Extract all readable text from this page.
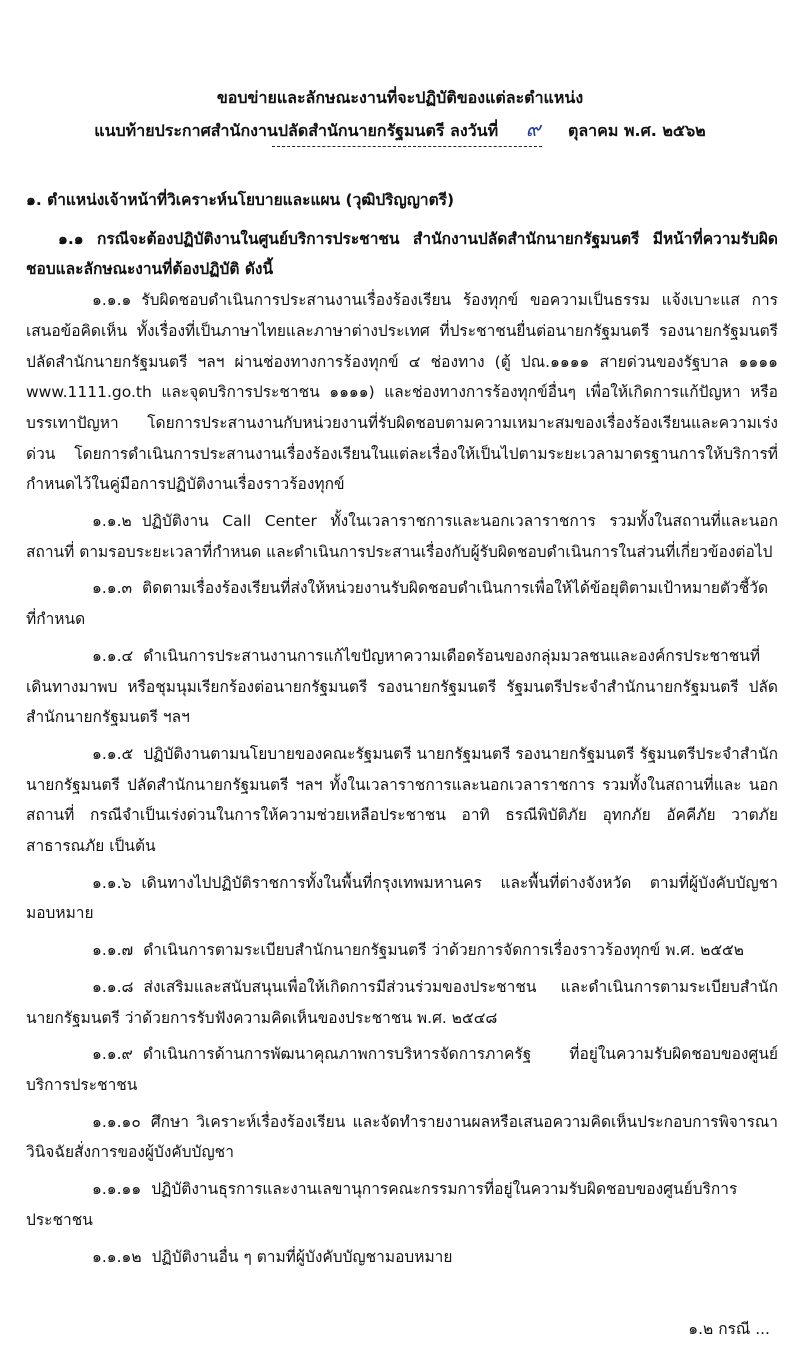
ขอบข่ายและลักษณะงานที่จะปฏิบัติของแต่ละตำแหน่ง
แนบท้ายประกาศสำนักงานปลัดสำนักนายกรัฐมนตรี ลงวันที่ ๙ ตุลาคม พ.ศ. ๒๕๖๒
๑. ตำแหน่งเจ้าหน้าที่วิเคราะห์นโยบายและแผน (วุฒิปริญญาตรี)
๑.๑ กรณีจะต้องปฏิบัติงานในศูนย์บริการประชาชน สำนักงานปลัดสำนักนายกรัฐมนตรี มีหน้าที่ความรับผิดชอบและลักษณะงานที่ต้องปฏิบัติ ดังนี้
๑.๑.๑ รับผิดชอบดำเนินการประสานงานเรื่องร้องเรียน ร้องทุกข์ ขอความเป็นธรรม แจ้งเบาะแส การเสนอข้อคิดเห็น ทั้งเรื่องที่เป็นภาษาไทยและภาษาต่างประเทศ ที่ประชาชนยื่นต่อนายกรัฐมนตรี รองนายกรัฐมนตรี ปลัดสำนักนายกรัฐมนตรี ฯลฯ ผ่านช่องทางการร้องทุกข์ ๔ ช่องทาง (ตู้ ปณ.๑๑๑๑ สายด่วนของรัฐบาล ๑๑๑๑ www.1111.go.th และจุดบริการประชาชน ๑๑๑๑) และช่องทางการร้องทุกข์อื่นๆ เพื่อให้เกิดการแก้ปัญหา หรือบรรเทาปัญหา โดยการประสานงานกับหน่วยงานที่รับผิดชอบตามความเหมาะสมของเรื่องร้องเรียนและความเร่งด่วน โดยการดำเนินการประสานงานเรื่องร้องเรียนในแต่ละเรื่องให้เป็นไปตามระยะเวลามาตรฐานการให้บริการที่กำหนดไว้ในคู่มือการปฏิบัติงานเรื่องราวร้องทุกข์
๑.๑.๒ ปฏิบัติงาน Call Center ทั้งในเวลาราชการและนอกเวลาราชการ รวมทั้งในสถานที่และนอกสถานที่ ตามรอบระยะเวลาที่กำหนด และดำเนินการประสานเรื่องกับผู้รับผิดชอบดำเนินการในส่วนที่เกี่ยวข้องต่อไป
๑.๑.๓ ติดตามเรื่องร้องเรียนที่ส่งให้หน่วยงานรับผิดชอบดำเนินการเพื่อให้ได้ข้อยุติตามเป้าหมายตัวชี้วัดที่กำหนด
๑.๑.๔ ดำเนินการประสานงานการแก้ไขปัญหาความเดือดร้อนของกลุ่มมวลชนและองค์กรประชาชนที่เดินทางมาพบ หรือชุมนุมเรียกร้องต่อนายกรัฐมนตรี รองนายกรัฐมนตรี รัฐมนตรีประจำสำนักนายกรัฐมนตรี ปลัดสำนักนายกรัฐมนตรี ฯลฯ
๑.๑.๕ ปฏิบัติงานตามนโยบายของคณะรัฐมนตรี นายกรัฐมนตรี รองนายกรัฐมนตรี รัฐมนตรีประจำสำนักนายกรัฐมนตรี ปลัดสำนักนายกรัฐมนตรี ฯลฯ ทั้งในเวลาราชการและนอกเวลาราชการ รวมทั้งในสถานที่และ นอกสถานที่ กรณีจำเป็นเร่งด่วนในการให้ความช่วยเหลือประชาชน อาทิ ธรณีพิบัติภัย อุทกภัย อัคคีภัย วาตภัย สาธารณภัย เป็นต้น
๑.๑.๖ เดินทางไปปฏิบัติราชการทั้งในพื้นที่กรุงเทพมหานคร และพื้นที่ต่างจังหวัด ตามที่ผู้บังคับบัญชามอบหมาย
๑.๑.๗ ดำเนินการตามระเบียบสำนักนายกรัฐมนตรี ว่าด้วยการจัดการเรื่องราวร้องทุกข์ พ.ศ. ๒๕๕๒
๑.๑.๘ ส่งเสริมและสนับสนุนเพื่อให้เกิดการมีส่วนร่วมของประชาชน และดำเนินการตามระเบียบสำนักนายกรัฐมนตรี ว่าด้วยการรับฟังความคิดเห็นของประชาชน พ.ศ. ๒๕๔๘
๑.๑.๙ ดำเนินการด้านการพัฒนาคุณภาพการบริหารจัดการภาครัฐ ที่อยู่ในความรับผิดชอบของศูนย์บริการประชาชน
๑.๑.๑๐ ศึกษา วิเคราะห์เรื่องร้องเรียน และจัดทำรายงานผลหรือเสนอความคิดเห็นประกอบการพิจารณาวินิจฉัยสั่งการของผู้บังคับบัญชา
๑.๑.๑๑ ปฏิบัติงานธุรการและงานเลขานุการคณะกรรมการที่อยู่ในความรับผิดชอบของศูนย์บริการประชาชน
๑.๑.๑๒ ปฏิบัติงานอื่น ๆ ตามที่ผู้บังคับบัญชามอบหมาย
๑.๒ กรณี ...
